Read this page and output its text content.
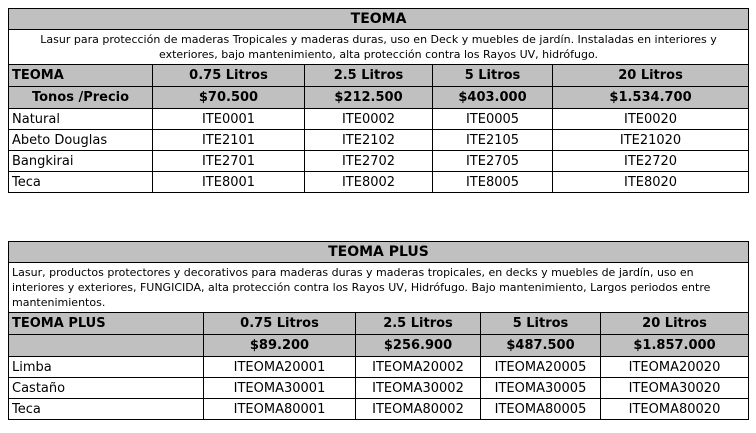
TEOMA				
Lasur para protección de maderas Tropicales y maderas duras, uso en Deck y muebles de jardín. Instaladas en interiores y exteriores, bajo mantenimiento, alta protección contra los Rayos UV, hidrófugo.				
TEOMA	0.75 Litros	2.5 Litros	5 Litros	20 Litros
Tonos /Precio	$70.500	$212.500	$403.000	$1.534.700
Natural	ITE0001	ITE0002	ITE0005	ITE0020
Abeto Douglas	ITE2101	ITE2102	ITE2105	ITE21020
Bangkirai	ITE2701	ITE2702	ITE2705	ITE2720
Teca	ITE8001	ITE8002	ITE8005	ITE8020
TEOMA PLUS				
Lasur, productos protectores y decorativos para maderas duras y maderas tropicales, en decks y muebles de jardín, uso en interiores y exteriores, FUNGICIDA, alta protección contra los Rayos UV, Hidrófugo. Bajo mantenimiento, Largos periodos entre mantenimientos.				
TEOMA PLUS	0.75 Litros	2.5 Litros	5 Litros	20 Litros
	$89.200	$256.900	$487.500	$1.857.000
Limba	ITEOMA20001	ITEOMA20002	ITEOMA20005	ITEOMA20020
Castaño	ITEOMA30001	ITEOMA30002	ITEOMA30005	ITEOMA30020
Teca	ITEOMA80001	ITEOMA80002	ITEOMA80005	ITEOMA80020
